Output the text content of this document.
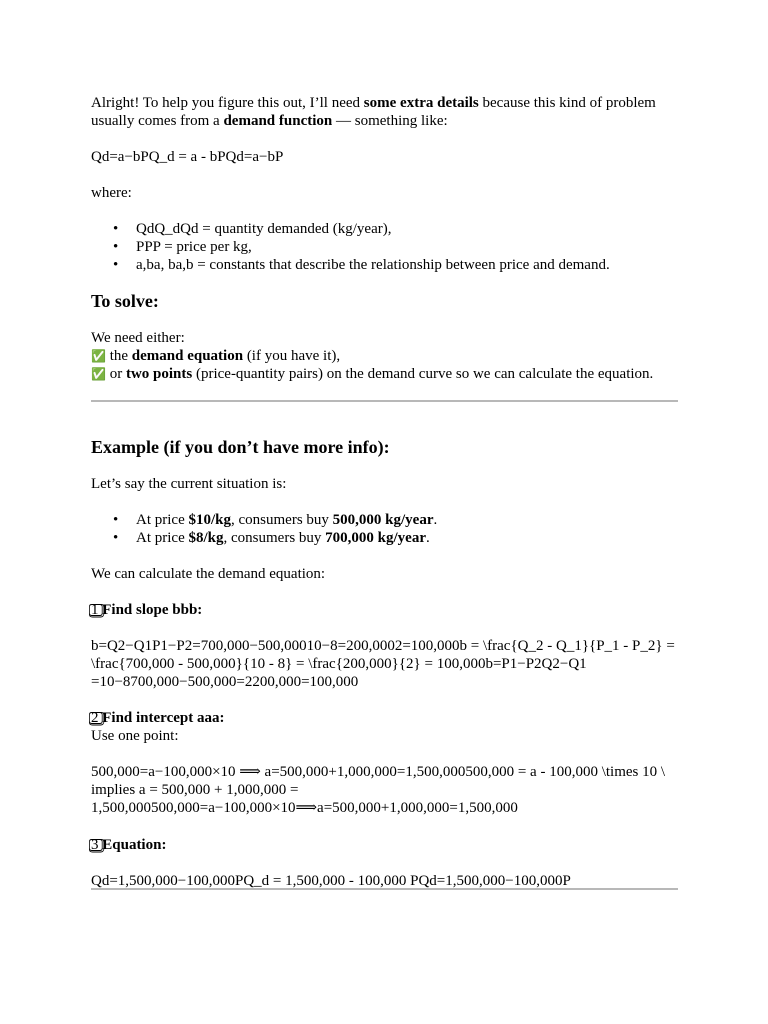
Alright! To help you figure this out, I’ll need some extra details because this kind of problem usually comes from a demand function — something like:

Qd=a−bPQ_d = a - bPQd=a−bP

where:

• QdQ_dQd = quantity demanded (kg/year),
• PPP = price per kg,
• a,ba, ba,b = constants that describe the relationship between price and demand.
To solve:

We need either:

✅ the demand equation (if you have it),

✅ or two points (price-quantity pairs) on the demand curve so we can calculate the equation.

Example (if you don’t have more info):

Let’s say the current situation is:

• At price $10/kg, consumers buy 500,000 kg/year.
• At price $8/kg, consumers buy 700,000 kg/year.

We can calculate the demand equation:

1 Find slope bbb:

b=Q2−Q1P1−P2=700,000−500,00010−8=200,0002=100,000b = \frac{Q_2 - Q_1}{P_1 - P_2} =

\frac{700,000 - 500,000}{10 - 8} = \frac{200,000}{2} = 100,000b=P1−P2Q2−Q1

=10−8700,000−500,000=2200,000=100,000

2 Find intercept aaa:

Use one point:

500,000=a−100,000×10 ⟹ a=500,000+1,000,000=1,500,000500,000 = a - 100,000 \times 10 \

implies a = 500,000 + 1,000,000 =

1,500,000500,000=a−100,000×10⟹a=500,000+1,000,000=1,500,000

3 Equation:

Qd=1,500,000−100,000PQ_d = 1,500,000 - 100,000 PQd=1,500,000−100,000P
